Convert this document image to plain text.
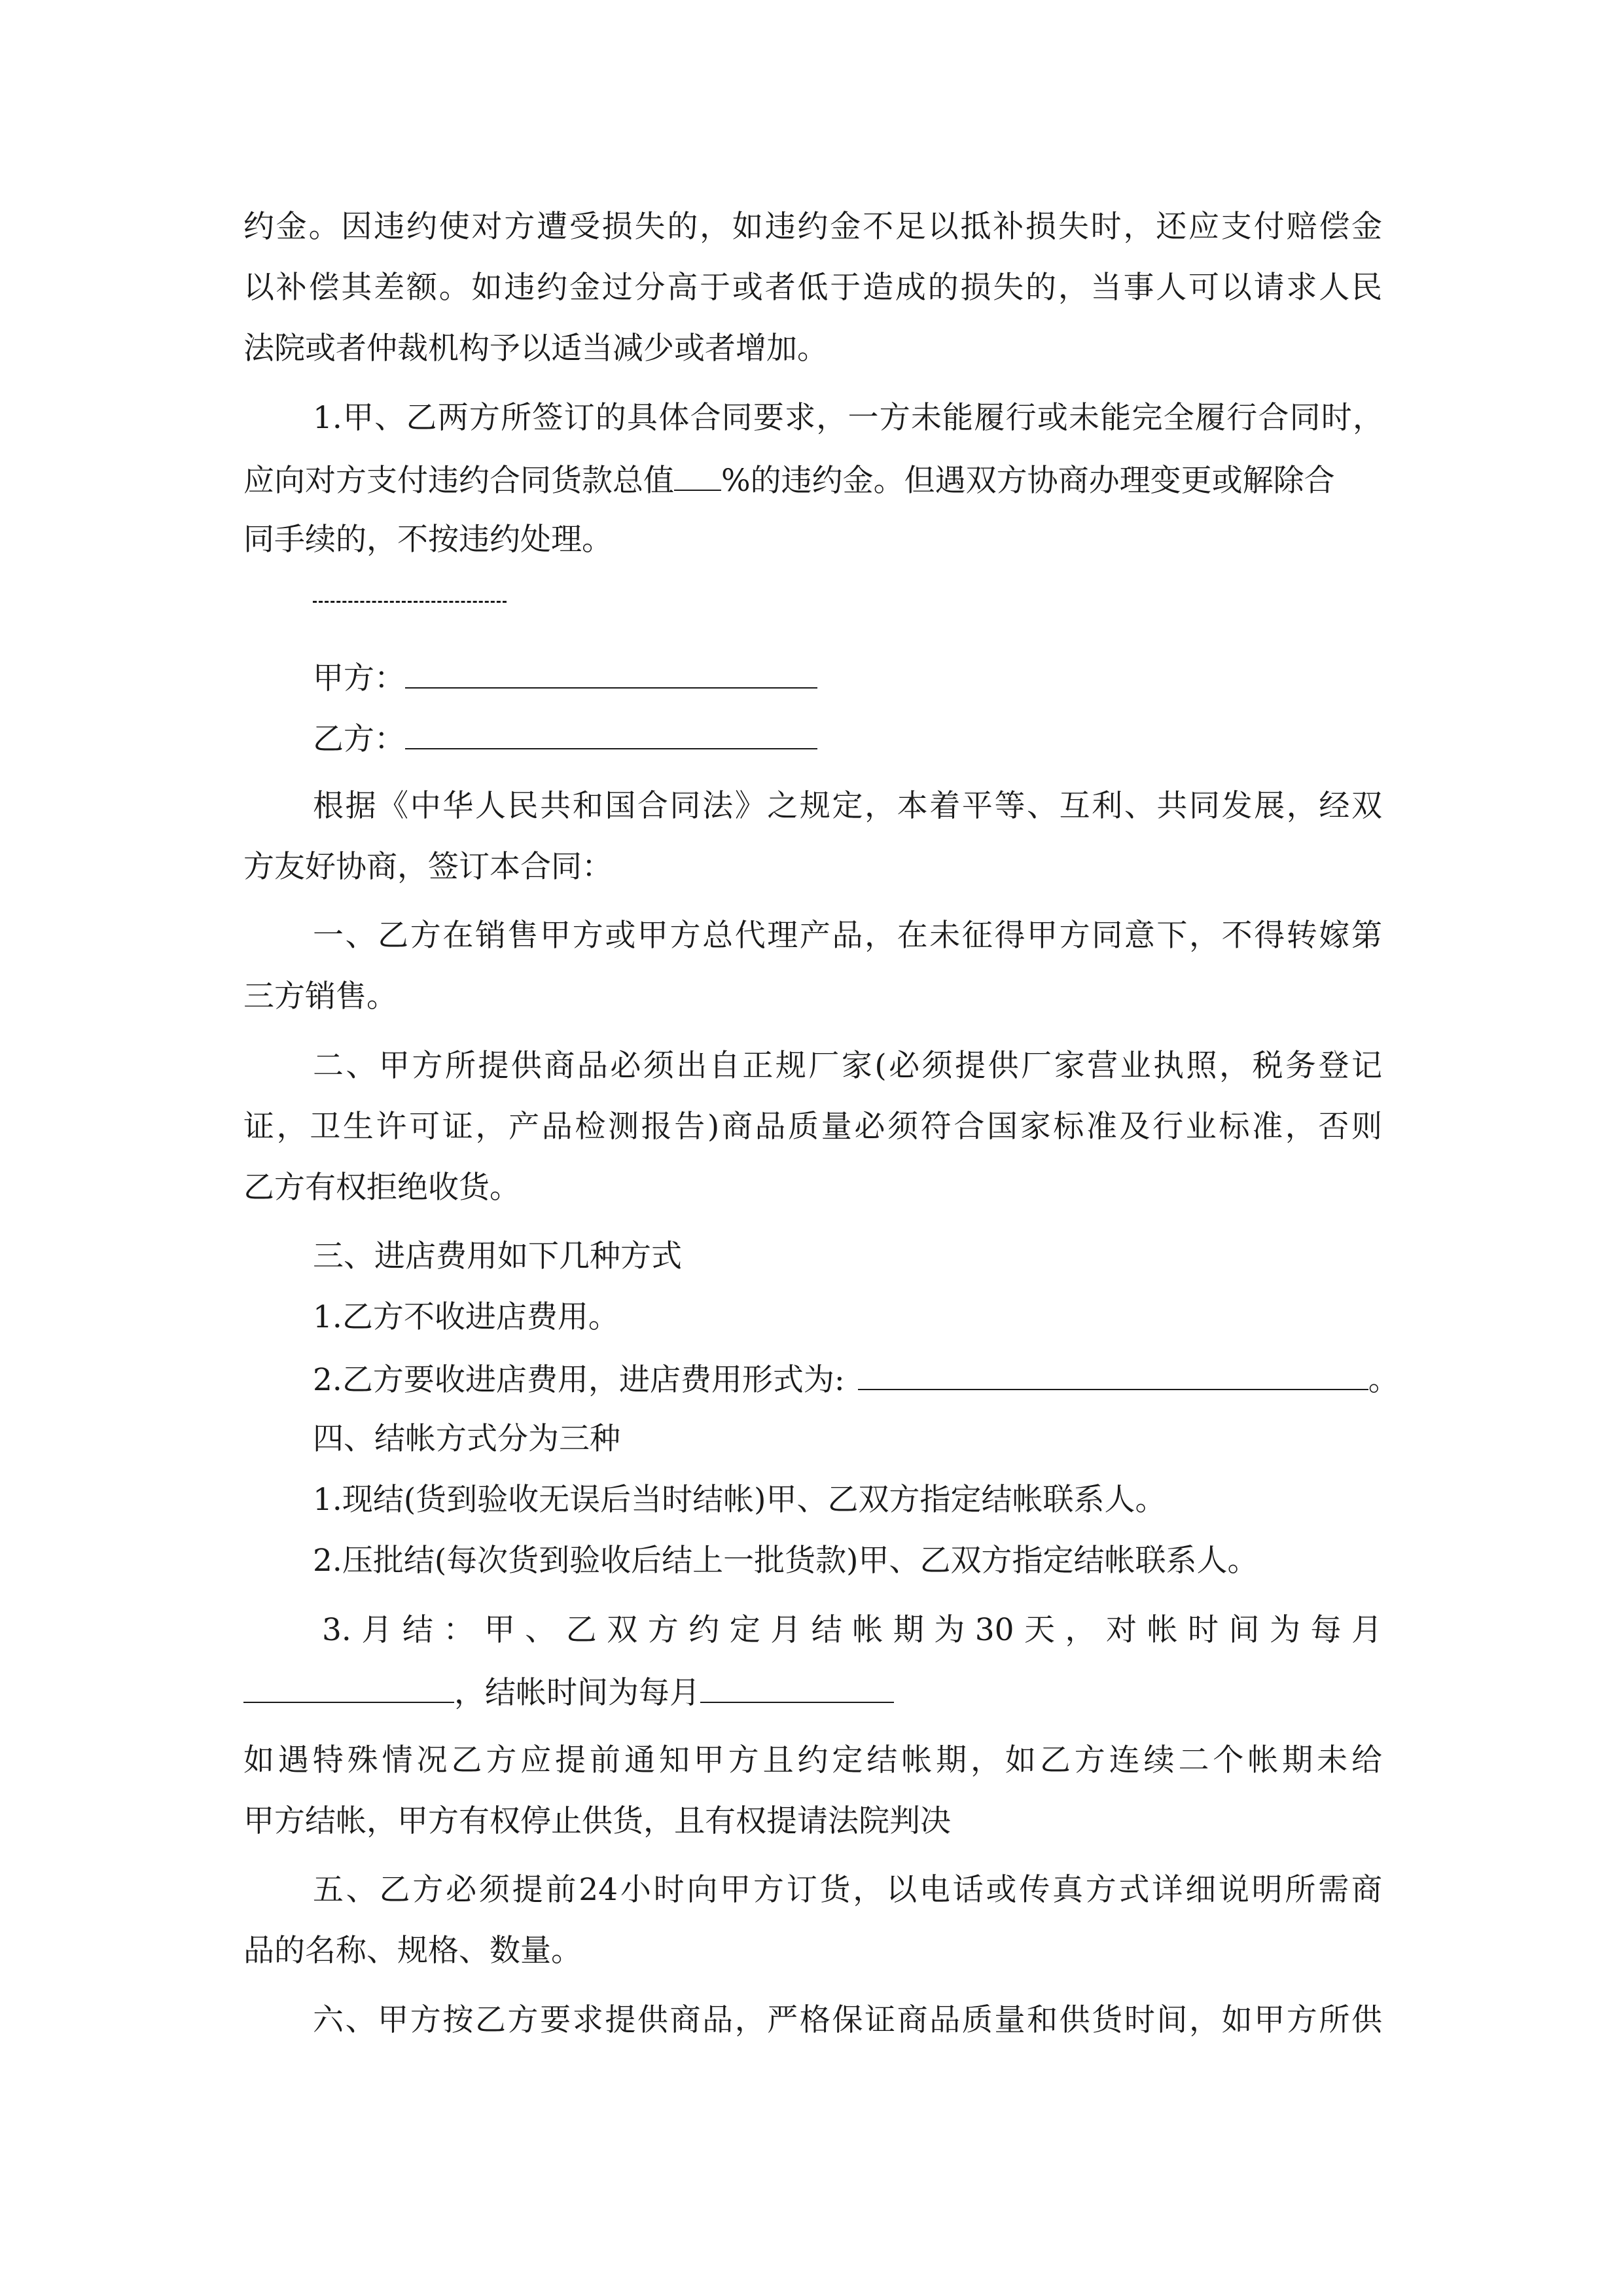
约金。因违约使对方遭受损失的，如违约金不足以抵补损失时，还应支付赔偿金
以补偿其差额。如违约金过分高于或者低于造成的损失的，当事人可以请求人民
法院或者仲裁机构予以适当减少或者增加。
1.甲、乙两方所签订的具体合同要求，一方未能履行或未能完全履行合同时，
应向对方支付违约合同货款总值 %的违约金。但遇双方协商办理变更或解除合
同手续的，不按违约处理。
甲方：
乙方：
根据《中华人民共和国合同法》之规定，本着平等、互利、共同发展，经双
方友好协商，签订本合同：
一、乙方在销售甲方或甲方总代理产品，在未征得甲方同意下，不得转嫁第
三方销售。
二、甲方所提供商品必须出自正规厂家(必须提供厂家营业执照，税务登记
证，卫生许可证，产品检测报告)商品质量必须符合国家标准及行业标准，否则
乙方有权拒绝收货。
三、进店费用如下几种方式
1.乙方不收进店费用。
2.乙方要收进店费用，进店费用形式为:	。
四、结帐方式分为三种
1.现结(货到验收无误后当时结帐)甲、乙双方指定结帐联系人。
2.压批结(每次货到验收后结上一批货款)甲、乙双方指定结帐联系人。
3.月结：甲、乙双方约定月结帐期为30天，对帐时间为每月
，结帐时间为每月
如遇特殊情况乙方应提前通知甲方且约定结帐期，如乙方连续二个帐期未给
甲方结帐，甲方有权停止供货，且有权提请法院判决
五、乙方必须提前24小时向甲方订货，以电话或传真方式详细说明所需商
品的名称、规格、数量。
六、甲方按乙方要求提供商品，严格保证商品质量和供货时间，如甲方所供
